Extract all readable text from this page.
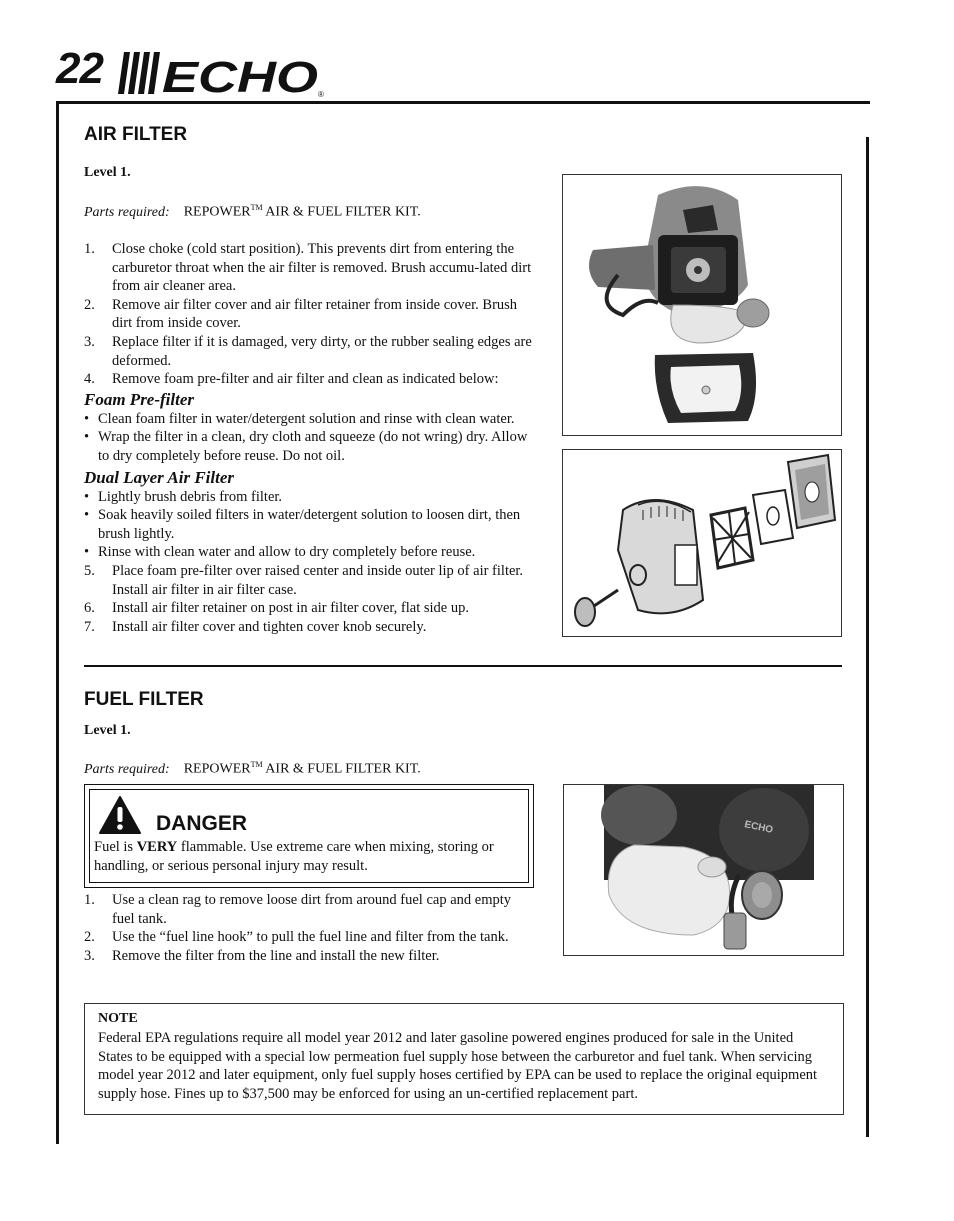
22 ECHO ®
AIR FILTER
Level 1.
Parts required: REPOWER™ AIR & FUEL FILTER KIT.
1. Close choke (cold start position). This prevents dirt from entering the carburetor throat when the air filter is removed. Brush accumu-lated dirt from air cleaner area.
2. Remove air filter cover and air filter retainer from inside cover. Brush dirt from inside cover.
3. Replace filter if it is damaged, very dirty, or the rubber sealing edges are deformed.
4. Remove foam pre-filter and air filter and clean as indicated below:
Foam Pre-filter
• Clean foam filter in water/detergent solution and rinse with clean water.
• Wrap the filter in a clean, dry cloth and squeeze (do not wring) dry. Allow to dry completely before reuse. Do not oil.
Dual Layer Air Filter
• Lightly brush debris from filter.
• Soak heavily soiled filters in water/detergent solution to loosen dirt, then brush lightly.
• Rinse with clean water and allow to dry completely before reuse.
5. Place foam pre-filter over raised center and inside outer lip of air filter. Install air filter in air filter case.
6. Install air filter retainer on post in air filter cover, flat side up.
7. Install air filter cover and tighten cover knob securely.
FUEL FILTER
Level 1.
Parts required: REPOWER™ AIR & FUEL FILTER KIT.
DANGER
Fuel is VERY flammable. Use extreme care when mixing, storing or handling, or serious personal injury may result.
1. Use a clean rag to remove loose dirt from around fuel cap and empty fuel tank.
2. Use the “fuel line hook” to pull the fuel line and filter from the tank.
3. Remove the filter from the line and install the new filter.
ECHO
NOTE
Federal EPA regulations require all model year 2012 and later gasoline powered engines produced for sale in the United States to be equipped with a special low permeation fuel supply hose between the carburetor and fuel tank. When servicing model year 2012 and later equipment, only fuel supply hoses certified by EPA can be used to replace the original equipment supply hose. Fines up to $37,500 may be enforced for using an un-certified replacement part.
